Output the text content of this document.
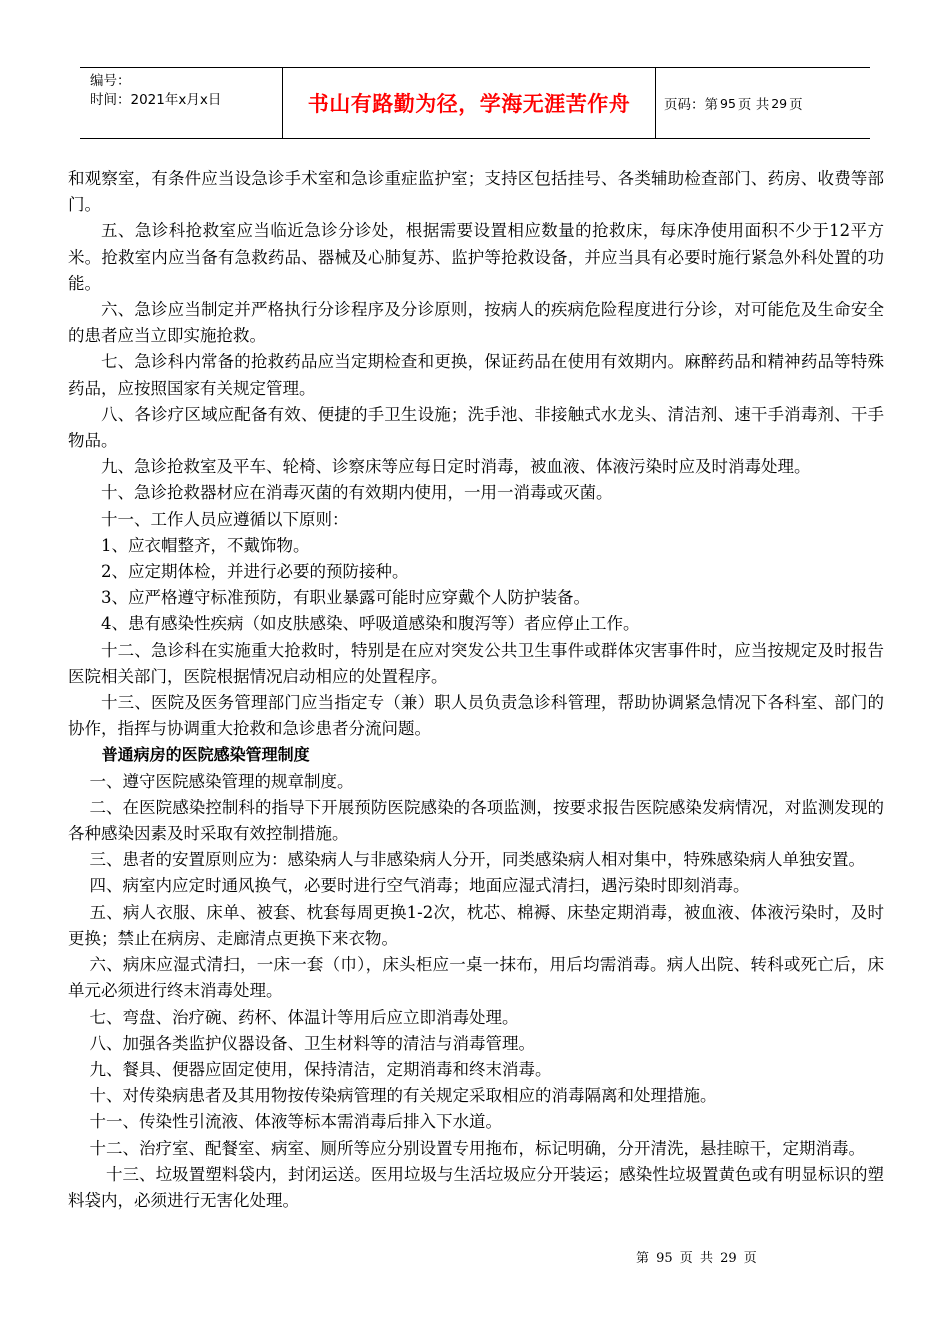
编号：
时间：2021年x月x日	书山有路勤为径，学海无涯苦作舟	页码：第 95 页 共 29 页

和观察室，有条件应当设急诊手术室和急诊重症监护室；支持区包括挂号、各类辅助检查部门、药房、收费等部门。

五、急诊科抢救室应当临近急诊分诊处，根据需要设置相应数量的抢救床，每床净使用面积不少于12平方米。抢救室内应当备有急救药品、器械及心肺复苏、监护等抢救设备，并应当具有必要时施行紧急外科处置的功能。

六、急诊应当制定并严格执行分诊程序及分诊原则，按病人的疾病危险程度进行分诊，对可能危及生命安全的患者应当立即实施抢救。

七、急诊科内常备的抢救药品应当定期检查和更换，保证药品在使用有效期内。麻醉药品和精神药品等特殊药品，应按照国家有关规定管理。

八、各诊疗区域应配备有效、便捷的手卫生设施；洗手池、非接触式水龙头、清洁剂、速干手消毒剂、干手物品。

九、急诊抢救室及平车、轮椅、诊察床等应每日定时消毒，被血液、体液污染时应及时消毒处理。

十、急诊抢救器材应在消毒灭菌的有效期内使用，一用一消毒或灭菌。

十一、工作人员应遵循以下原则：

1、应衣帽整齐，不戴饰物。

2、应定期体检，并进行必要的预防接种。

3、应严格遵守标准预防，有职业暴露可能时应穿戴个人防护装备。

4、患有感染性疾病（如皮肤感染、呼吸道感染和腹泻等）者应停止工作。

十二、急诊科在实施重大抢救时，特别是在应对突发公共卫生事件或群体灾害事件时，应当按规定及时报告医院相关部门，医院根据情况启动相应的处置程序。

十三、医院及医务管理部门应当指定专（兼）职人员负责急诊科管理，帮助协调紧急情况下各科室、部门的协作，指挥与协调重大抢救和急诊患者分流问题。

普通病房的医院感染管理制度

一、遵守医院感染管理的规章制度。

二、在医院感染控制科的指导下开展预防医院感染的各项监测，按要求报告医院感染发病情况，对监测发现的各种感染因素及时采取有效控制措施。

三、患者的安置原则应为：感染病人与非感染病人分开，同类感染病人相对集中，特殊感染病人单独安置。

四、病室内应定时通风换气，必要时进行空气消毒；地面应湿式清扫，遇污染时即刻消毒。

五、病人衣服、床单、被套、枕套每周更换1-2次，枕芯、棉褥、床垫定期消毒，被血液、体液污染时，及时更换；禁止在病房、走廊清点更换下来衣物。

六、病床应湿式清扫，一床一套（巾），床头柜应一桌一抹布，用后均需消毒。病人出院、转科或死亡后，床单元必须进行终末消毒处理。

七、弯盘、治疗碗、药杯、体温计等用后应立即消毒处理。

八、加强各类监护仪器设备、卫生材料等的清洁与消毒管理。

九、餐具、便器应固定使用，保持清洁，定期消毒和终末消毒。

十、对传染病患者及其用物按传染病管理的有关规定采取相应的消毒隔离和处理措施。

十一、传染性引流液、体液等标本需消毒后排入下水道。

十二、治疗室、配餐室、病室、厕所等应分别设置专用拖布，标记明确，分开清洗，悬挂晾干，定期消毒。

十三、垃圾置塑料袋内，封闭运送。医用垃圾与生活垃圾应分开装运；感染性垃圾置黄色或有明显标识的塑料袋内，必须进行无害化处理。

第 95 页 共 29 页
